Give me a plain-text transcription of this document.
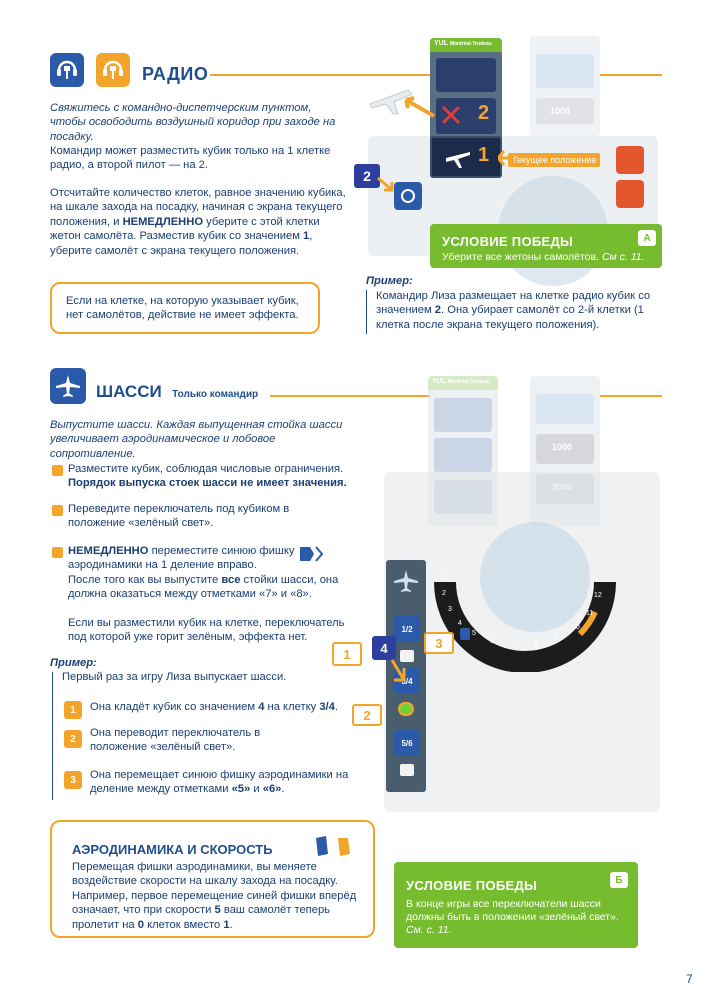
РАДИО
Свяжитесь с командно-диспетчерским пунктом, чтобы освободить воздушный коридор при заходе на посадку.
Командир может разместить кубик только на 1 клетке радио, а второй пилот — на 2.
Отсчитайте количество клеток, равное значению кубика, на шкале захода на посадку, начиная с экрана текущего положения, и НЕМЕДЛЕННО уберите с этой клетки жетон самолёта. Разместив кубик со значением 1, уберите самолёт с экрана текущего положения.
Если на клетке, на которую указывает кубик, нет самолётов, действие не имеет эффекта.
1000
YUL Montréal-Trudeau
2
1	Текущее положение
2
УСЛОВИЕ ПОБЕДЫ	А
Уберите все жетоны самолётов. См с. 11.
Пример:
Командир Лиза размещает на клетке радио кубик со значением 2. Она убирает самолёт со 2-й клетки (1 клетка после экрана текущего положения).
ШАССИ Только командир
Выпустите шасси. Каждая выпущенная стойка шасси увеличивает аэродинамическое и лобовое сопротивление.
Разместите кубик, соблюдая числовые ограничения.
Порядок выпуска стоек шасси не имеет значения.
Переведите переключатель под кубиком в положение «зелёный свет».
НЕМЕДЛЕННО переместите синюю фишку аэродинамики на 1 деление вправо.
После того как вы выпустите все стойки шасси, она должна оказаться между отметками «7» и «8».
Если вы разместили кубик на клетке, переключатель под которой уже горит зелёным, эффекта нет.
Пример:
Первый раз за игру Лиза выпускает шасси.
1	Она кладёт кубик со значением 4 на клетку 3/4.
2	Она переводит переключатель в положение «зелёный свет».
3	Она перемещает синюю фишку аэродинамики на деление между отметками «5» и «6».
АЭРОДИНАМИКА И СКОРОСТЬ
Перемещая фишки аэродинамики, вы меняете воздействие скорости на шкалу захода на посадку. Например, первое перемещение синей фишки вперёд означает, что при скорости 5 ваш самолёт теперь пролетит на 0 клеток вместо 1.
YUL Montréal-Trudeau
1000
1
2
3
4
5
6
7	8
9
10
11
12
1/2
3/4
5/6
4
1
2
3
УСЛОВИЕ ПОБЕДЫ	Б
В конце игры все переключатели шасси должны быть в положении «зелёный свет». См. с. 11.
7
